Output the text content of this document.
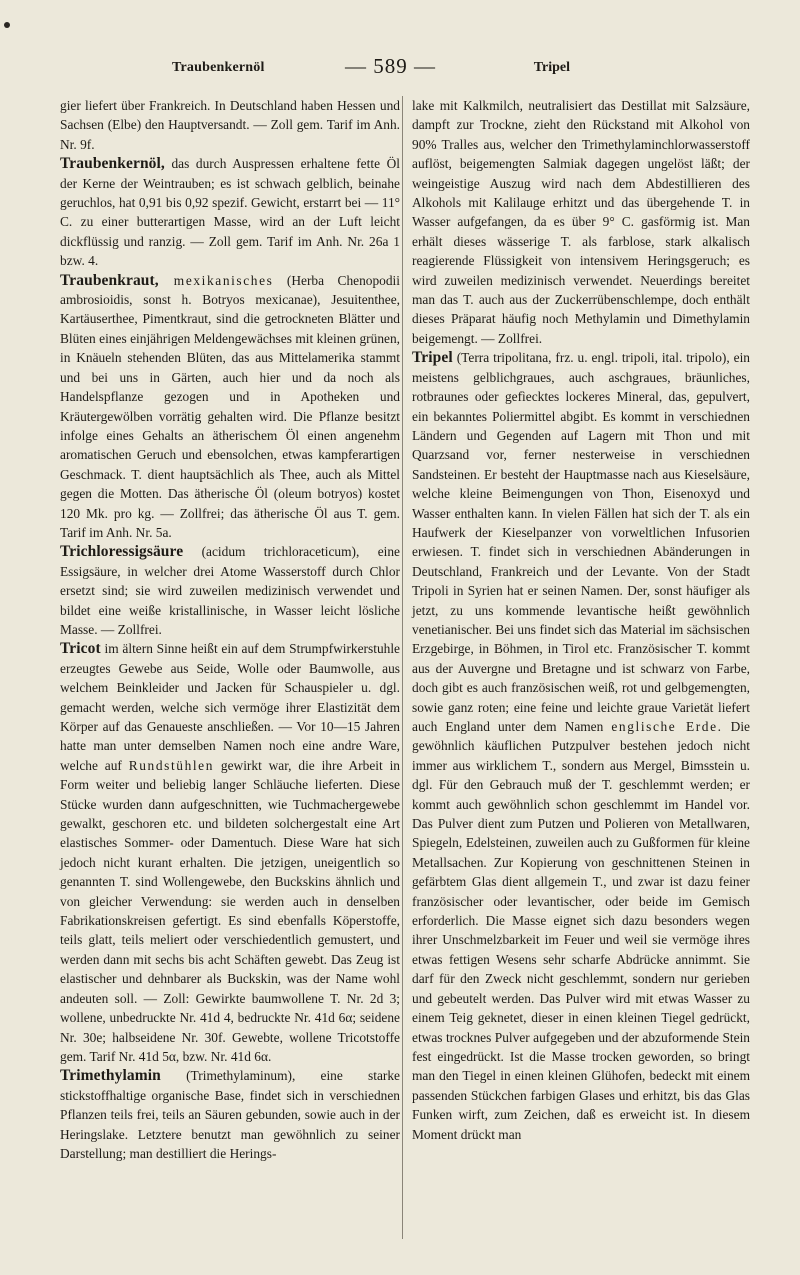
Traubenkernöl	— 589 —	Tripel

gier liefert über Frankreich. In Deutschland haben Hessen und Sachsen (Elbe) den Hauptversandt. — Zoll gem. Tarif im Anh. Nr. 9f.

Traubenkernöl, das durch Auspressen erhaltene fette Öl der Kerne der Weintrauben; es ist schwach gelblich, beinahe geruchlos, hat 0,91 bis 0,92 spezif. Gewicht, erstarrt bei — 11° C. zu einer butterartigen Masse, wird an der Luft leicht dickflüssig und ranzig. — Zoll gem. Tarif im Anh. Nr. 26a 1 bzw. 4.

Traubenkraut, mexikanisches (Herba Chenopodii ambrosioidis, sonst h. Botryos mexicanae), Jesuitenthee, Kartäuserthee, Pimentkraut, sind die getrockneten Blätter und Blüten eines einjährigen Meldengewächses mit kleinen grünen, in Knäueln stehenden Blüten, das aus Mittelamerika stammt und bei uns in Gärten, auch hier und da noch als Handelspflanze gezogen und in Apotheken und Kräutergewölben vorrätig gehalten wird. Die Pflanze besitzt infolge eines Gehalts an ätherischem Öl einen angenehm aromatischen Geruch und ebensolchen, etwas kampferartigen Geschmack. T. dient hauptsächlich als Thee, auch als Mittel gegen die Motten. Das ätherische Öl (oleum botryos) kostet 120 Mk. pro kg. — Zollfrei; das ätherische Öl aus T. gem. Tarif im Anh. Nr. 5a.

Trichloressigsäure (acidum trichloraceticum), eine Essigsäure, in welcher drei Atome Wasserstoff durch Chlor ersetzt sind; sie wird zuweilen medizinisch verwendet und bildet eine weiße kristallinische, in Wasser leicht lösliche Masse. — Zollfrei.

Tricot im ältern Sinne heißt ein auf dem Strumpfwirkerstuhle erzeugtes Gewebe aus Seide, Wolle oder Baumwolle, aus welchem Beinkleider und Jacken für Schauspieler u. dgl. gemacht werden, welche sich vermöge ihrer Elastizität dem Körper auf das Genaueste anschließen. — Vor 10—15 Jahren hatte man unter demselben Namen noch eine andre Ware, welche auf Rundstühlen gewirkt war, die ihre Arbeit in Form weiter und beliebig langer Schläuche lieferten. Diese Stücke wurden dann aufgeschnitten, wie Tuchmachergewebe gewalkt, geschoren etc. und bildeten solchergestalt eine Art elastisches Sommer- oder Damentuch. Diese Ware hat sich jedoch nicht kurant erhalten. Die jetzigen, uneigentlich so genannten T. sind Wollengewebe, den Buckskins ähnlich und von gleicher Verwendung: sie werden auch in denselben Fabrikationskreisen gefertigt. Es sind ebenfalls Köperstoffe, teils glatt, teils meliert oder verschiedentlich gemustert, und werden dann mit sechs bis acht Schäften gewebt. Das Zeug ist elastischer und dehnbarer als Buckskin, was der Name wohl andeuten soll. — Zoll: Gewirkte baumwollene T. Nr. 2d 3; wollene, unbedruckte Nr. 41d 4, bedruckte Nr. 41d 6α; seidene Nr. 30e; halbseidene Nr. 30f. Gewebte, wollene Tricotstoffe gem. Tarif Nr. 41d 5α, bzw. Nr. 41d 6α.

Trimethylamin (Trimethylaminum), eine starke stickstoffhaltige organische Base, findet sich in verschiednen Pflanzen teils frei, teils an Säuren gebunden, sowie auch in der Heringslake. Letztere benutzt man gewöhnlich zu seiner Darstellung; man destilliert die Herings-

lake mit Kalkmilch, neutralisiert das Destillat mit Salzsäure, dampft zur Trockne, zieht den Rückstand mit Alkohol von 90% Tralles aus, welcher den Trimethylaminchlorwasserstoff auflöst, beigemengten Salmiak dagegen ungelöst läßt; der weingeistige Auszug wird nach dem Abdestillieren des Alkohols mit Kalilauge erhitzt und das übergehende T. in Wasser aufgefangen, da es über 9° C. gasförmig ist. Man erhält dieses wässerige T. als farblose, stark alkalisch reagierende Flüssigkeit von intensivem Heringsgeruch; es wird zuweilen medizinisch verwendet. Neuerdings bereitet man das T. auch aus der Zuckerrübenschlempe, doch enthält dieses Präparat häufig noch Methylamin und Dimethylamin beigemengt. — Zollfrei.

Tripel (Terra tripolitana, frz. u. engl. tripoli, ital. tripolo), ein meistens gelblichgraues, auch aschgraues, bräunliches, rotbraunes oder gefìecktes lockeres Mineral, das, gepulvert, ein bekanntes Poliermittel abgibt. Es kommt in verschiednen Ländern und Gegenden auf Lagern mit Thon und mit Quarzsand vor, ferner nesterweise in verschiednen Sandsteinen. Er besteht der Hauptmasse nach aus Kieselsäure, welche kleine Beimengungen von Thon, Eisenoxyd und Wasser enthalten kann. In vielen Fällen hat sich der T. als ein Haufwerk der Kieselpanzer von vorweltlichen Infusorien erwiesen. T. findet sich in verschiednen Abänderungen in Deutschland, Frankreich und der Levante. Von der Stadt Tripoli in Syrien hat er seinen Namen. Der, sonst häufiger als jetzt, zu uns kommende levantische heißt gewöhnlich venetianischer. Bei uns findet sich das Material im sächsischen Erzgebirge, in Böhmen, in Tirol etc. Französischer T. kommt aus der Auvergne und Bretagne und ist schwarz von Farbe, doch gibt es auch französischen weiß, rot und gelbgemengten, sowie ganz roten; eine feine und leichte graue Varietät liefert auch England unter dem Namen englische Erde. Die gewöhnlich käuflichen Putzpulver bestehen jedoch nicht immer aus wirklichem T., sondern aus Mergel, Bimsstein u. dgl. Für den Gebrauch muß der T. geschlemmt werden; er kommt auch gewöhnlich schon geschlemmt im Handel vor. Das Pulver dient zum Putzen und Polieren von Metallwaren, Spiegeln, Edelsteinen, zuweilen auch zu Gußformen für kleine Metallsachen. Zur Kopierung von geschnittenen Steinen in gefärbtem Glas dient allgemein T., und zwar ist dazu feiner französischer oder levantischer, oder beide im Gemisch erforderlich. Die Masse eignet sich dazu besonders wegen ihrer Unschmelzbarkeit im Feuer und weil sie vermöge ihres etwas fettigen Wesens sehr scharfe Abdrücke annimmt. Sie darf für den Zweck nicht geschlemmt, sondern nur gerieben und gebeutelt werden. Das Pulver wird mit etwas Wasser zu einem Teig geknetet, dieser in einen kleinen Tiegel gedrückt, etwas trocknes Pulver aufgegeben und der abzuformende Stein fest eingedrückt. Ist die Masse trocken geworden, so bringt man den Tiegel in einen kleinen Glühofen, bedeckt mit einem passenden Stückchen farbigen Glases und erhitzt, bis das Glas Funken wirft, zum Zeichen, daß es erweicht ist. In diesem Moment drückt man
